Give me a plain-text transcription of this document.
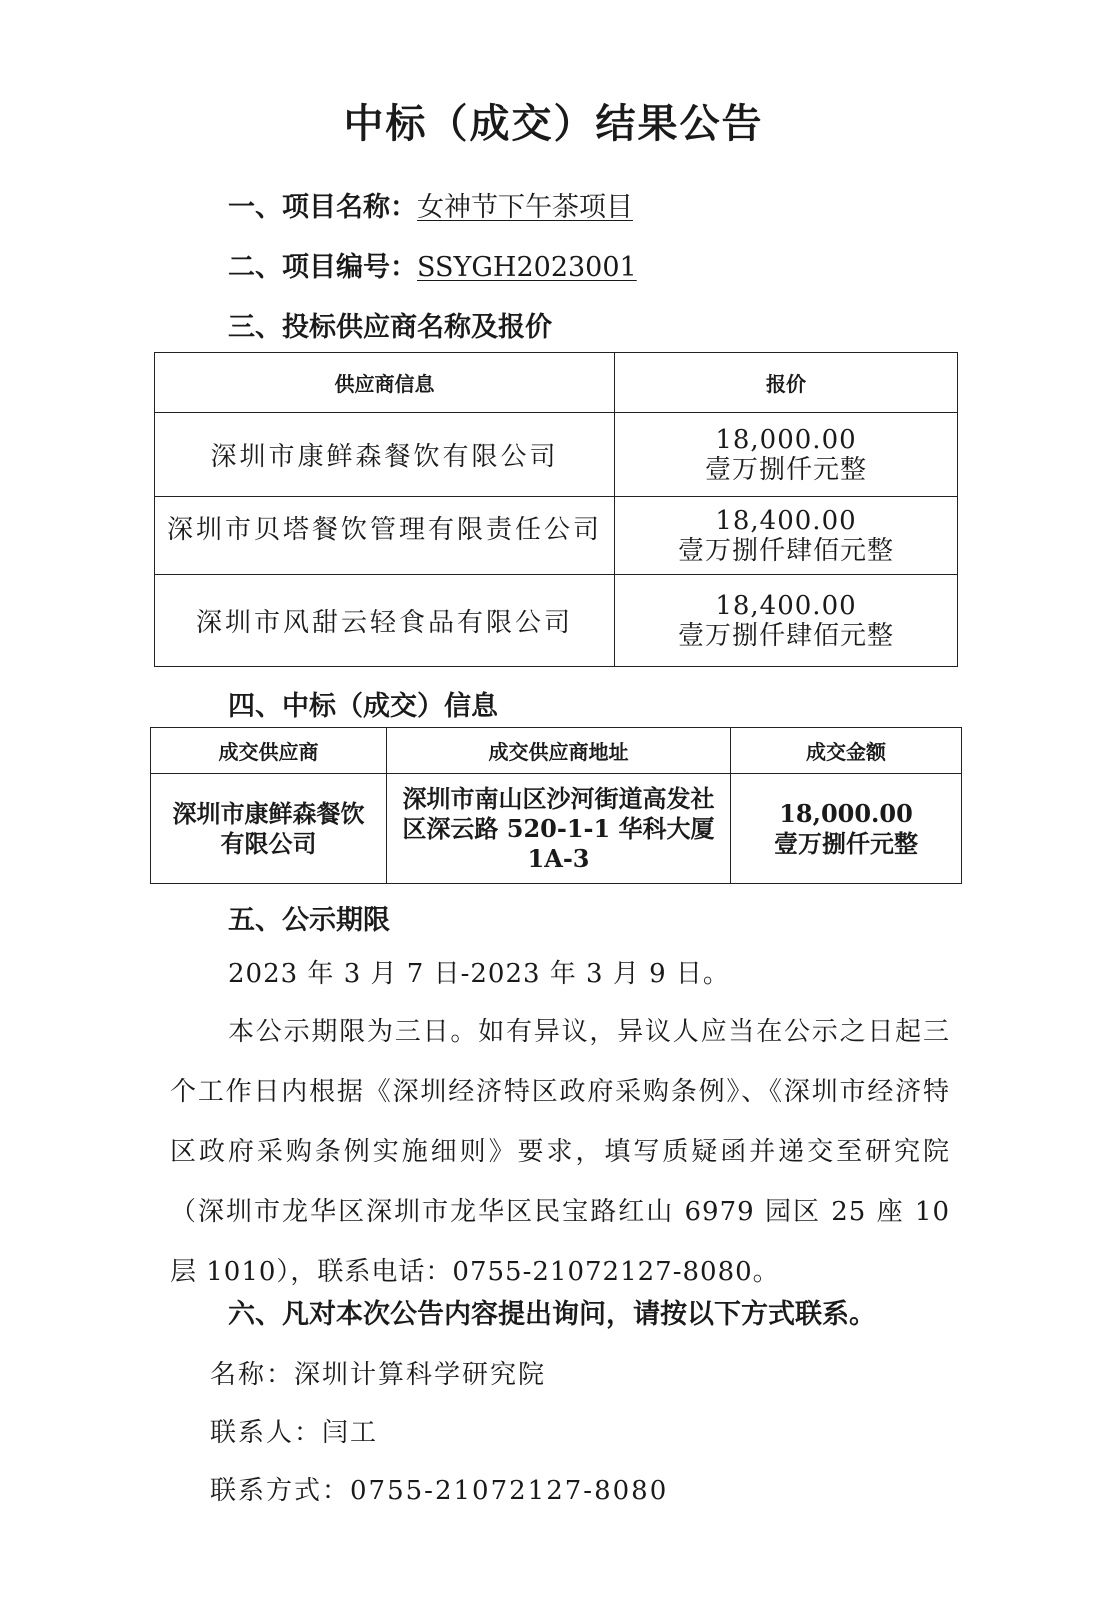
中标（成交）结果公告
一、项目名称：女神节下午茶项目
二、项目编号：SSYGH2023001
三、投标供应商名称及报价
供应商信息	报价
深圳市康鲜森餐饮有限公司	18,000.00
壹万捌仟元整

深圳市贝塔餐饮管理有限责任公司	18,400.00
壹万捌仟肆佰元整

深圳市风甜云轻食品有限公司	18,400.00
壹万捌仟肆佰元整
四、中标（成交）信息
成交供应商	成交供应商地址	成交金额
深圳市康鲜森餐饮有限公司	深圳市南山区沙河街道高发社区深云路 520-1-1 华科大厦 1A-3	18,000.00
壹万捌仟元整
五、公示期限
2023 年 3 月 7 日-2023 年 3 月 9 日。
本公示期限为三日。如有异议，异议人应当在公示之日起三个工作日内根据《深圳经济特区政府采购条例》、《深圳市经济特区政府采购条例实施细则》要求，填写质疑函并递交至研究院（深圳市龙华区深圳市龙华区民宝路红山 6979 园区 25 座 10 层 1010），联系电话：0755-21072127-8080。
六、凡对本次公告内容提出询问，请按以下方式联系。
名称：深圳计算科学研究院
联系人：闫工
联系方式：0755-21072127-8080
